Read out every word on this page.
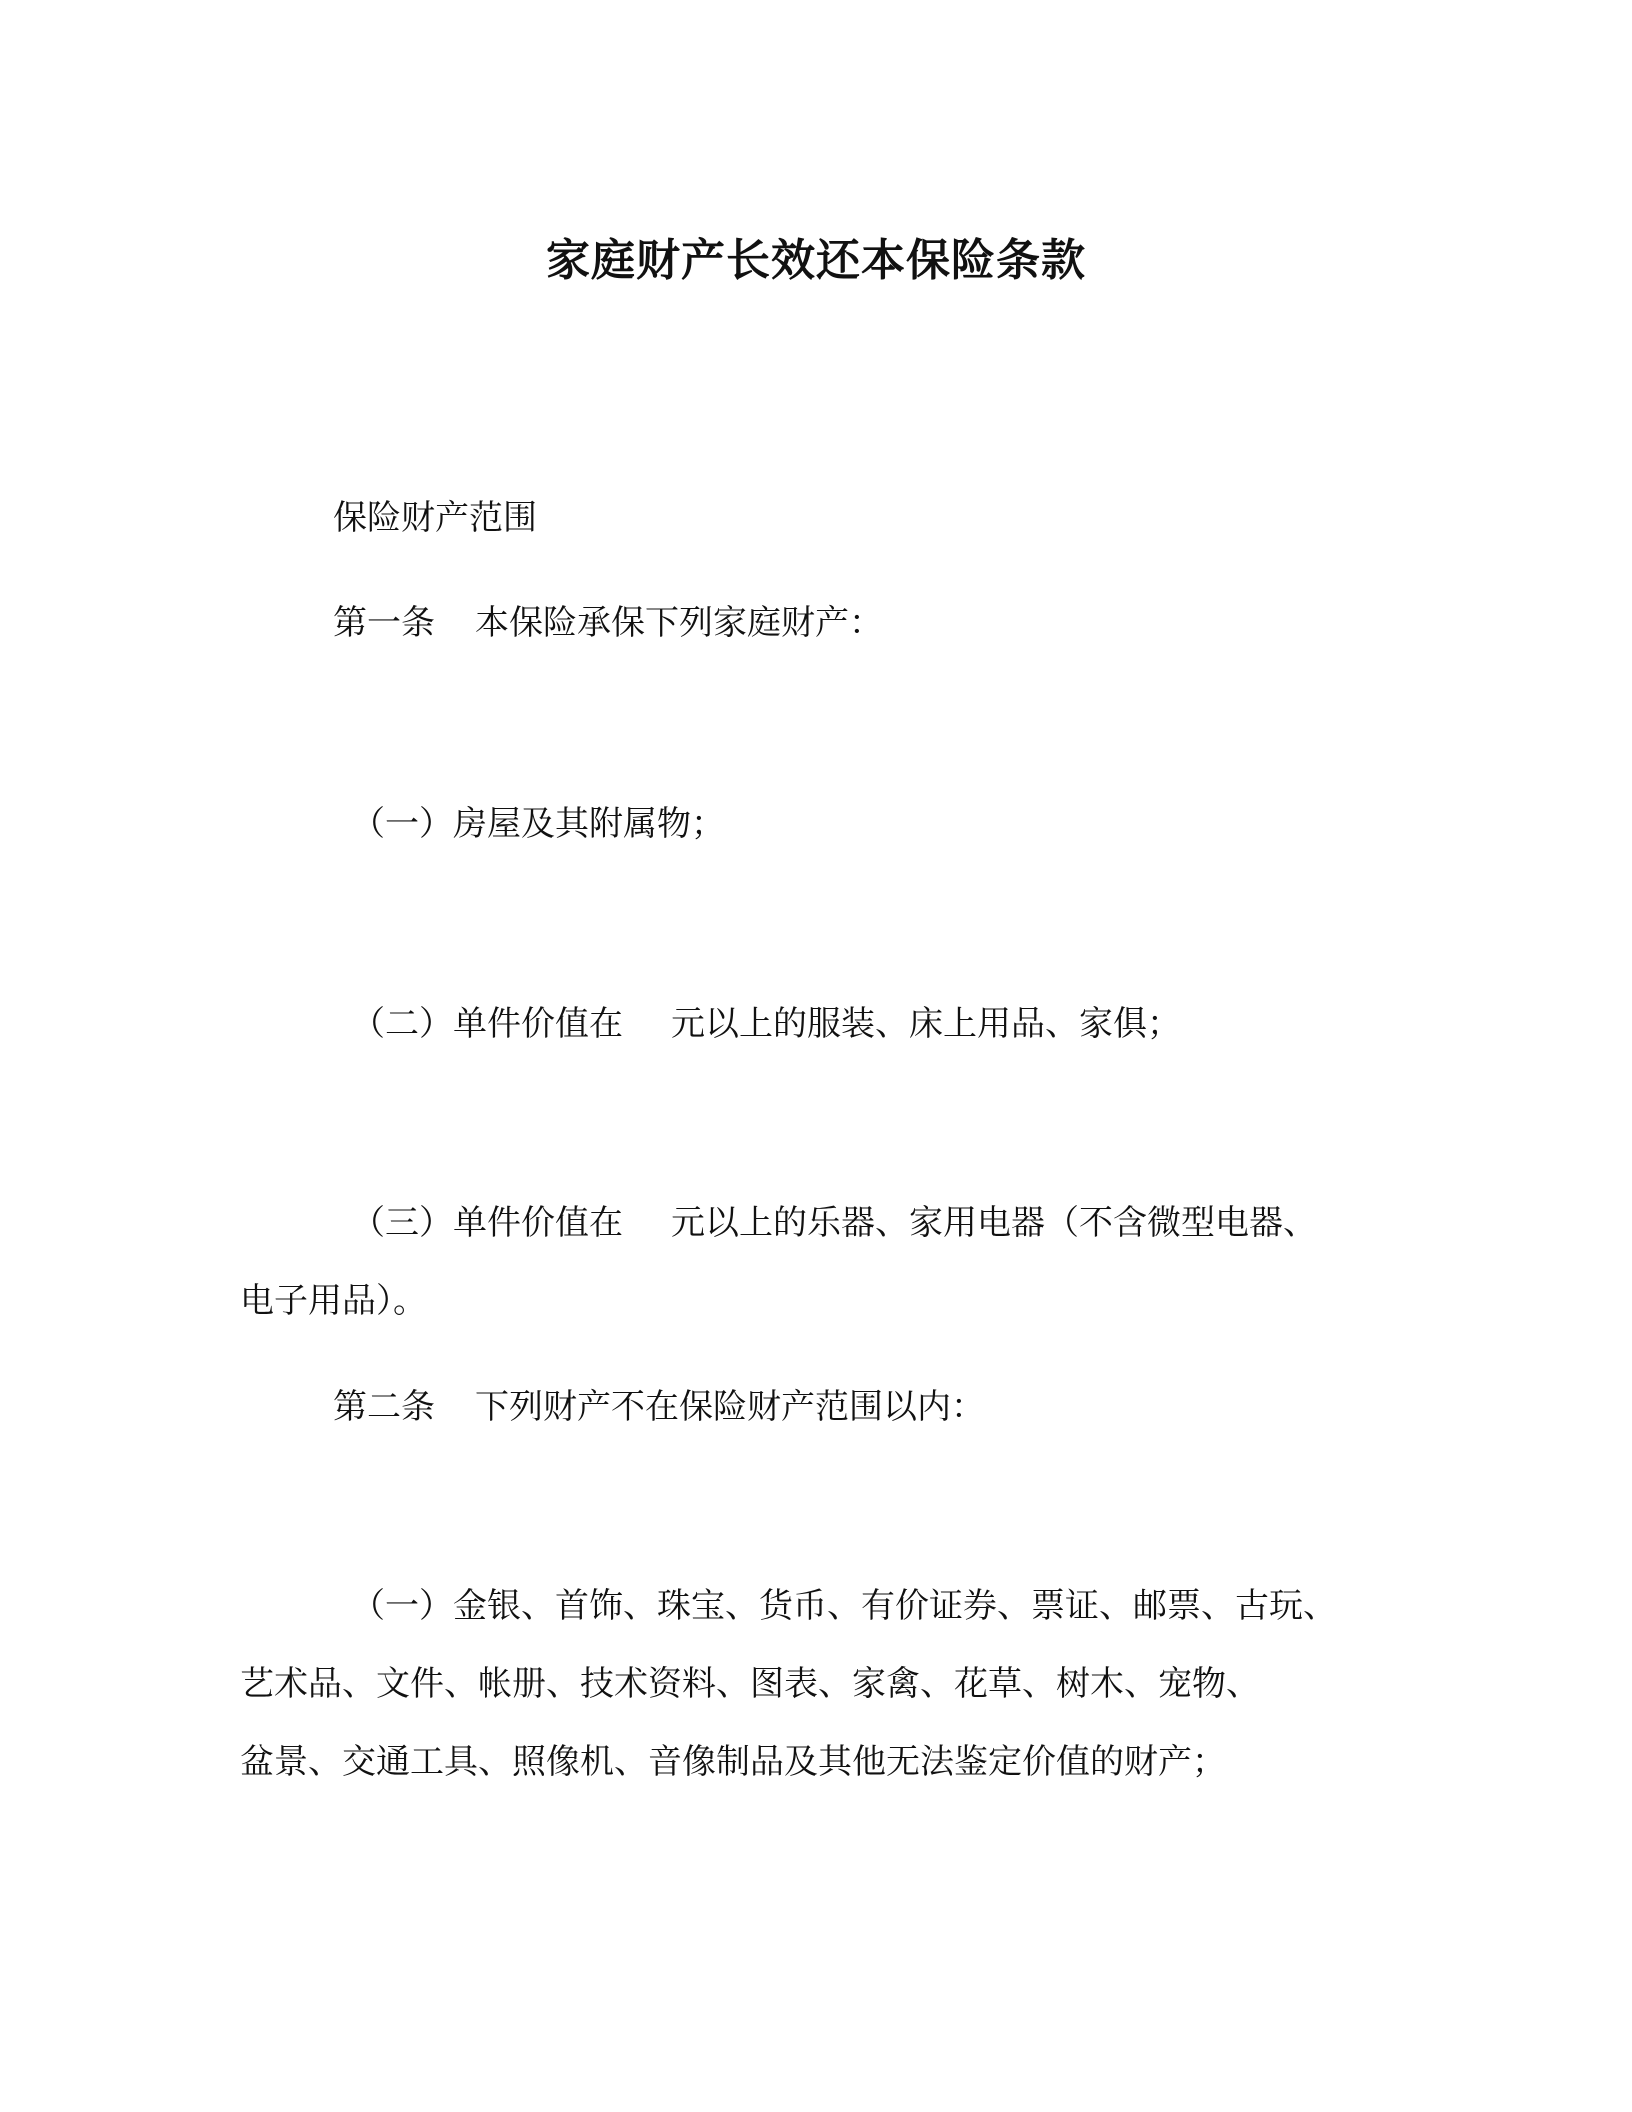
家庭财产长效还本保险条款

保险财产范围

第一条 本保险承保下列家庭财产：

（一）房屋及其附属物；

（二）单件价值在 元以上的服装、床上用品、家俱；

（三）单件价值在 元以上的乐器、家用电器（不含微型电器、

电子用品）。

第二条 下列财产不在保险财产范围以内：

（一）金银、首饰、珠宝、货币、有价证券、票证、邮票、古玩、

艺术品、文件、帐册、技术资料、图表、家禽、花草、树木、宠物、

盆景、交通工具、照像机、音像制品及其他无法鉴定价值的财产；
